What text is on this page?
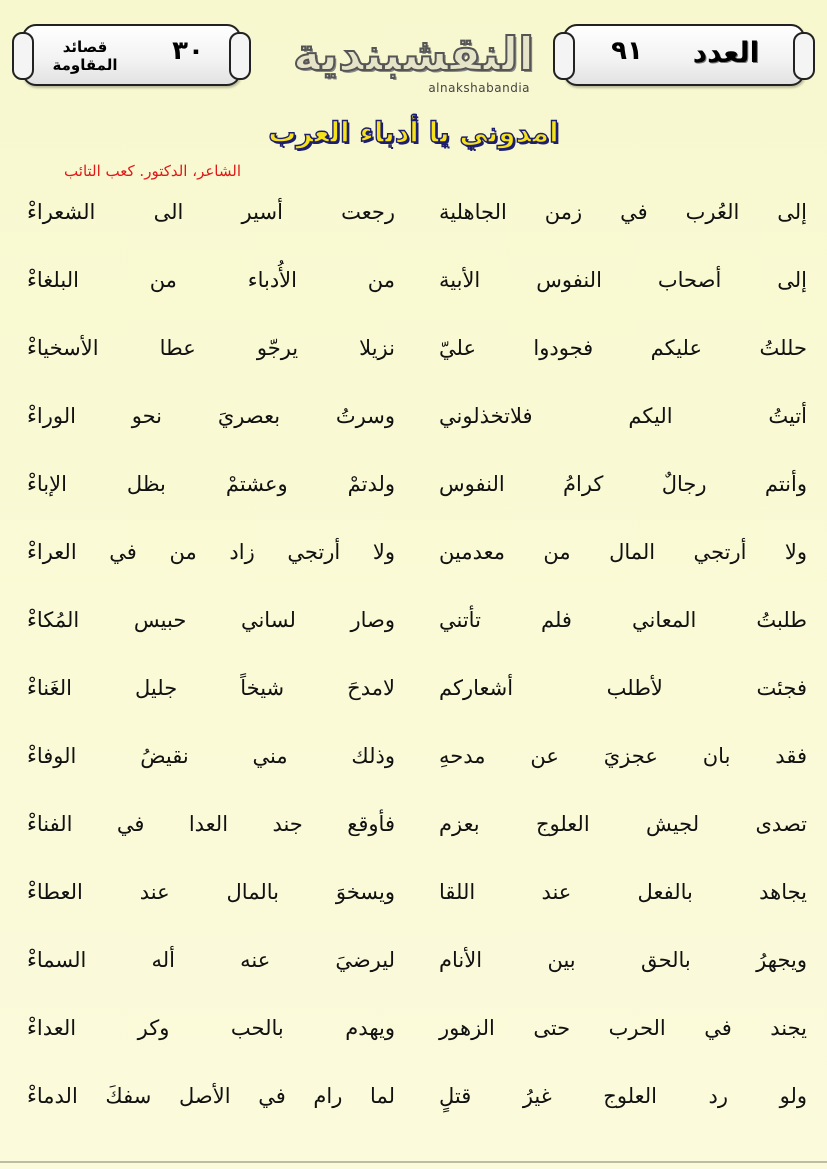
قصائد
المقاومة	٣٠	النقشبندية
alnakshabandia
العدد
٩١
امدوني يا أدباء العرب
الشاعر، الدكتور. كعب التائب
إلى العُرب في زمن الجاهلية
رجعت أسير الى الشعراءْ
إلى أصحاب النفوس الأبية
من الأُدباء من البلغاءْ
حللتُ عليكم فجودوا عليّ
نزيلا يرجّو عطا الأسخياءْ
أتيتُ اليكم فلاتخذلوني
وسرتُ بعصريَ نحو الوراءْ
وأنتم رجالٌ كرامُ النفوس
ولدتمْ وعشتمْ بظل الإباءْ
ولا أرتجي المال من معدمين
ولا أرتجي زاد من في العراءْ
طلبتُ المعاني فلم تأتني
وصار لساني حبيس المُكاءْ
فجئت لأطلب أشعاركم
لامدحَ شيخاً جليل الغَناءْ
فقد بان عجزيَ عن مدحهِ
وذلك مني نقيضُ الوفاءْ
تصدى لجيش العلوج بعزم
فأوقع جند العدا في الفناءْ
يجاهد بالفعل عند اللقا
ويسخوَ بالمال عند العطاءْ
ويجهرُ بالحق بين الأنام
ليرضيَ عنه أله السماءْ
يجند في الحرب حتى الزهور
ويهدم بالحب وكر العداءْ
ولو رد العلوج غيرُ قتلٍ
لما رام في الأصل سفكَ الدماءْ
